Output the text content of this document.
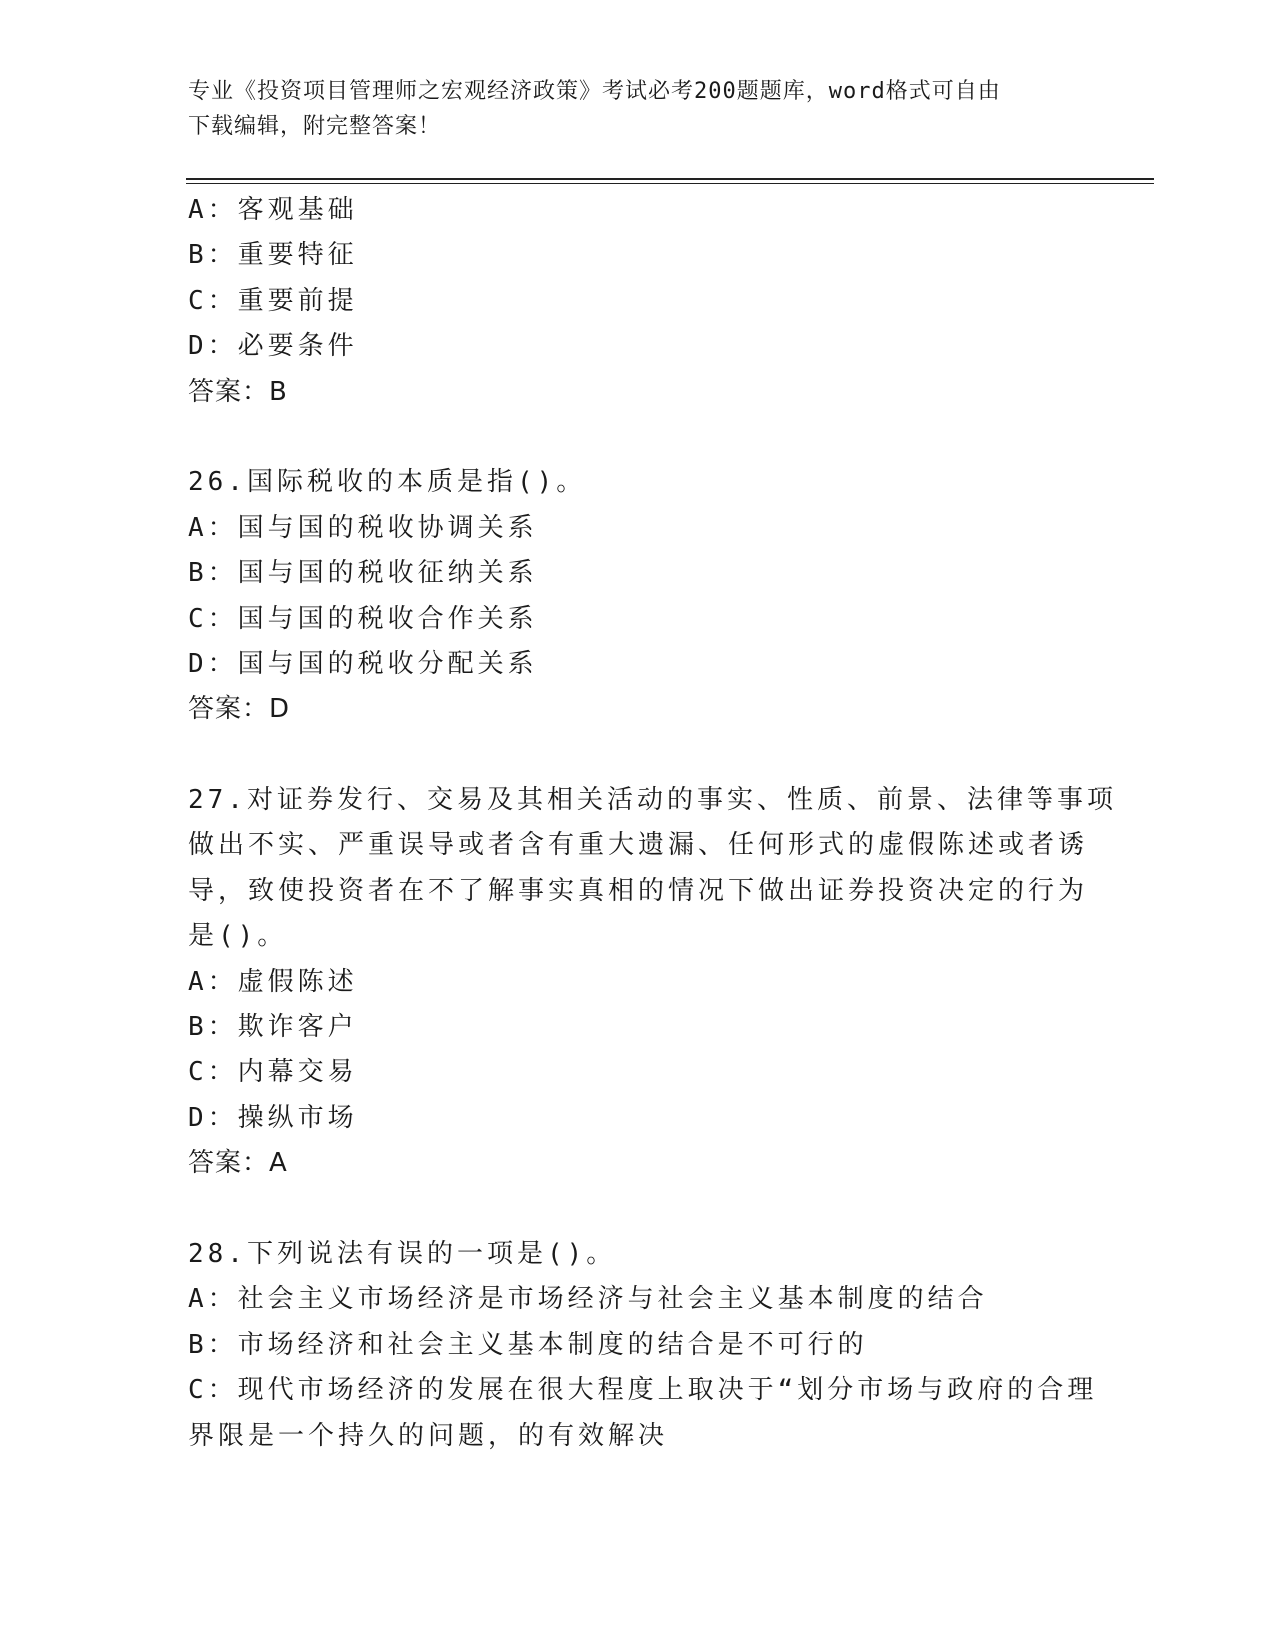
专业《投资项目管理师之宏观经济政策》考试必考200题题库，word格式可自由
下载编辑，附完整答案！
A：客观基础
B：重要特征
C：重要前提
D：必要条件
答案：B
26.国际税收的本质是指()。
A：国与国的税收协调关系
B：国与国的税收征纳关系
C：国与国的税收合作关系
D：国与国的税收分配关系
答案：D
27.对证券发行、交易及其相关活动的事实、性质、前景、法律等事项
做出不实、严重误导或者含有重大遗漏、任何形式的虚假陈述或者诱
导，致使投资者在不了解事实真相的情况下做出证券投资决定的行为
是()。
A：虚假陈述
B：欺诈客户
C：内幕交易
D：操纵市场
答案：A
28.下列说法有误的一项是()。
A：社会主义市场经济是市场经济与社会主义基本制度的结合
B：市场经济和社会主义基本制度的结合是不可行的
C：现代市场经济的发展在很大程度上取决于“划分市场与政府的合理
界限是一个持久的问题，的有效解决
